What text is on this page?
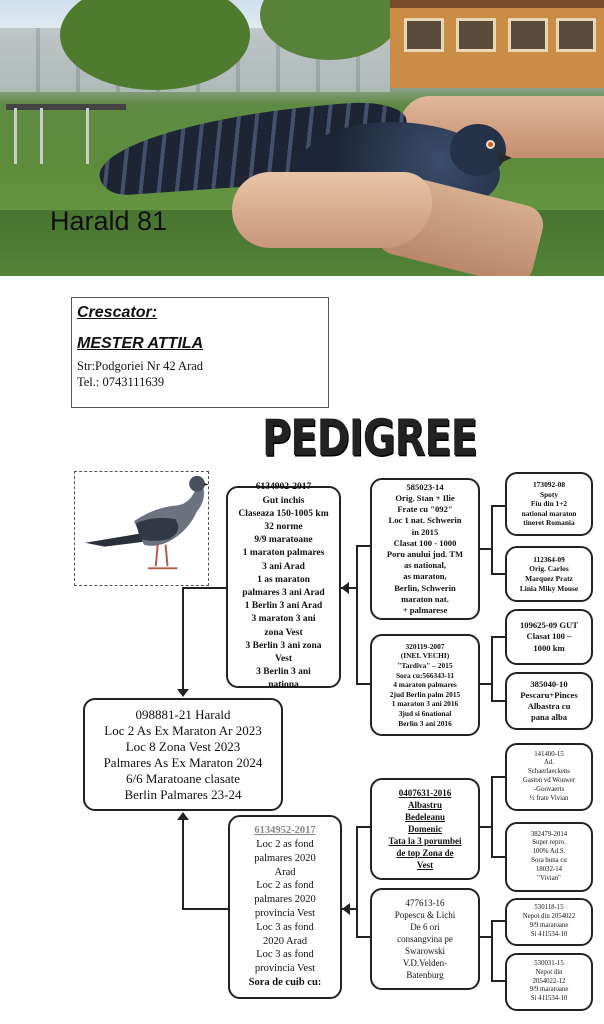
Harald 81
Crescator:
MESTER ATTILA
Str:Podgoriei Nr 42 Arad
Tel.: 0743111639
PEDIGREE
098881-21 Harald
Loc 2 As Ex Maraton Ar 2023
Loc 8 Zona Vest 2023
Palmares As Ex Maraton 2024
6/6 Maratoane clasate
Berlin Palmares 23-24
6134902-2017
Gut inchis
Claseaza 150-1005 km
32 norme
9/9 maratoane
1 maraton palmares
3 ani Arad
1 as maraton
palmares 3 ani Arad
1 Berlin 3 ani Arad
3 maraton 3 ani
zona Vest
3 Berlin 3 ani zona
Vest
3 Berlin 3 ani
nationa
6134952-2017
Loc 2 as fond
palmares 2020
Arad
Loc 2 as fond
palmares 2020
provincia Vest
Loc 3 as fond
2020 Arad
Loc 3 as fond
provincia Vest
Sora de cuib cu:
585023-14
Orig. Stan + Ilie
Frate cu "092"
Loc 1 nat. Schwerin
in 2015
Clasat 100 - 1000
Poru anului jud. TM
as national,
as maraton,
Berlin, Schwerin
maraton nat.
+ palmarese
320119-2007
(INEL VECHI)
"Tardiva" – 2015
Sora cu:566343-11
4 maraton palmares
2jud Berlin palm 2015
1 maraton 3 ani 2016
3jud si 6national
Berlin 3 ani 2016
0407631-2016
Albastru
Bedeleanu
Domenic
Tata la 3 porumbei
de top Zona de
Vest
477613-16
Popescu & Lichi
De 6 ori
consangvina pe
Swarowski
V.D.Velden-
Batenburg
173092-08
Spoty
Fiu din 1+2
national maraton
tineret Romania
112364-09
Orig. Carlos
Marquez Pratz
Linia Miky Mouse
109625-09 GUT
Clasat 100 –
1000 km
385040-10
Pescaru+Pinces
Albastra cu
pana alba
141400-15
Ad.
Schaerlaeckens
Gaston vd Wouwer
-Goovaerts
½ frate Vivian
382479-2014
Super repro.
100% Ad.S.
Sora buna cu
18032-14
"Vivian"
530118-15
Nepot din 2054022
9/9 maratoane
Si 411534-10
530031-15
Nepot din
2054022-12
9/9 maratoane
Si 411534-10
